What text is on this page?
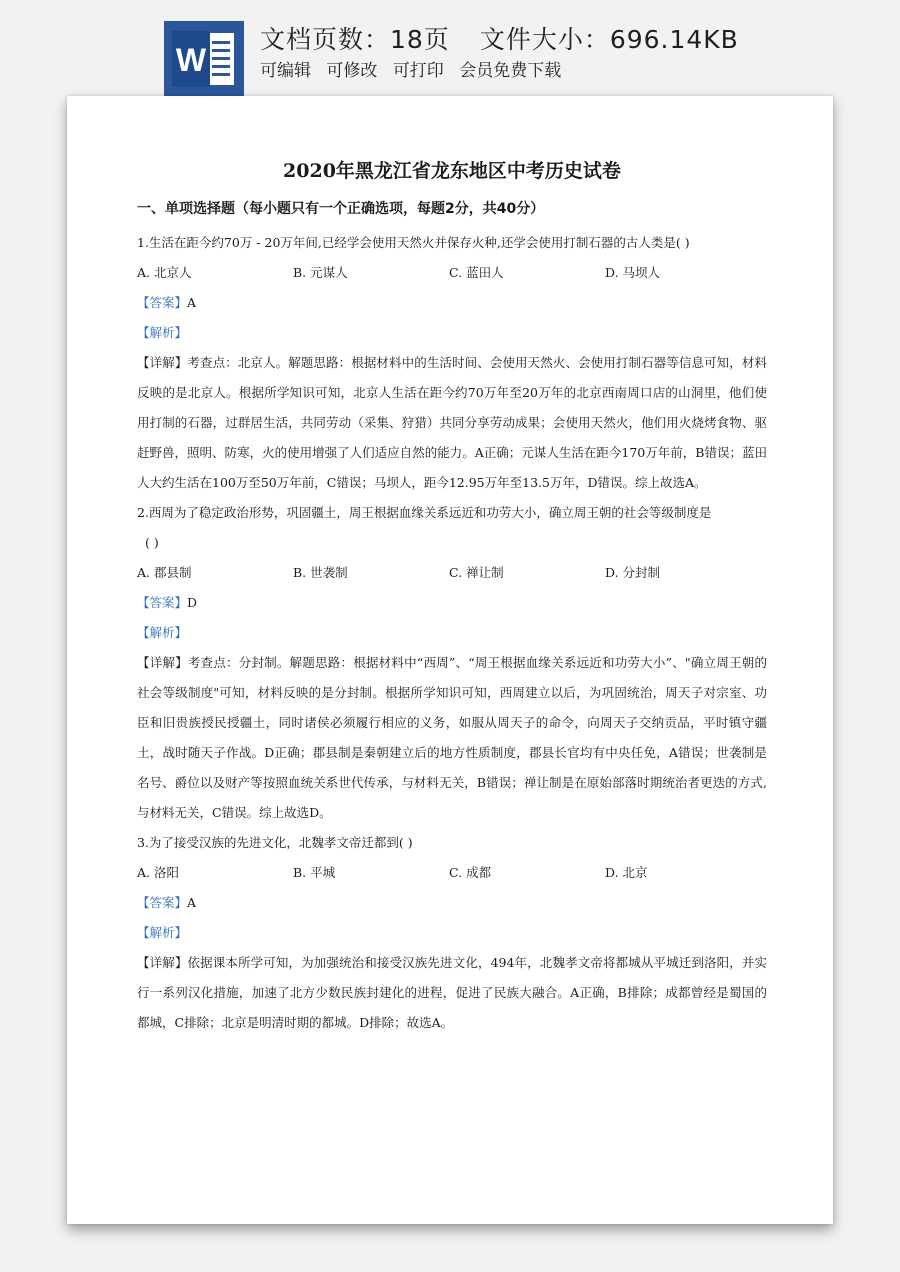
W
文档页数：18页 文件大小：696.14KB
可编辑 可修改 可打印 会员免费下载
2020年黑龙江省龙东地区中考历史试卷
一、单项选择题（每小题只有一个正确选项，每题2分，共40分）
1.生活在距今约70万 - 20万年间,已经学会使用天然火并保存火种,还学会使用打制石器的古人类是( )
A. 北京人	B. 元谋人	C. 蓝田人	D. 马坝人

【答案】A

【解析】

【详解】考查点：北京人。解题思路：根据材料中的生活时间、会使用天然火、会使用打制石器等信息可知，材料反映的是北京人。根据所学知识可知，北京人生活在距今约70万年至20万年的北京西南周口店的山洞里，他们使用打制的石器，过群居生活，共同劳动（采集、狩猎）共同分享劳动成果；会使用天然火，他们用火烧烤食物、驱赶野兽，照明、防寒，火的使用增强了人们适应自然的能力。A正确；元谋人生活在距今170万年前，B错误；蓝田人大约生活在100万至50万年前，C错误；马坝人，距今12.95万年至13.5万年，D错误。综上故选A。
2.西周为了稳定政治形势，巩固疆土，周王根据血缘关系远近和功劳大小，确立周王朝的社会等级制度是
( )
A. 郡县制	B. 世袭制	C. 禅让制	D. 分封制

【答案】D

【解析】

【详解】考查点：分封制。解题思路：根据材料中“西周”、“周王根据血缘关系远近和功劳大小”、"确立周王朝的社会等级制度"可知，材料反映的是分封制。根据所学知识可知，西周建立以后，为巩固统治，周天子对宗室、功臣和旧贵族授民授疆土，同时诸侯必须履行相应的义务，如服从周天子的命令，向周天子交纳贡品，平时镇守疆土，战时随天子作战。D正确；郡县制是秦朝建立后的地方性质制度，郡县长官均有中央任免，A错误；世袭制是名号、爵位以及财产等按照血统关系世代传承，与材料无关，B错误；禅让制是在原始部落时期统治者更迭的方式,与材料无关，C错误。综上故选D。
3.为了接受汉族的先进文化，北魏孝文帝迁都到( )
A. 洛阳	B. 平城	C. 成都	D. 北京

【答案】A

【解析】

【详解】依据课本所学可知，为加强统治和接受汉族先进文化，494年，北魏孝文帝将都城从平城迁到洛阳，并实行一系列汉化措施，加速了北方少数民族封建化的进程，促进了民族大融合。A正确，B排除；成都曾经是蜀国的都城，C排除；北京是明清时期的都城。D排除；故选A。
